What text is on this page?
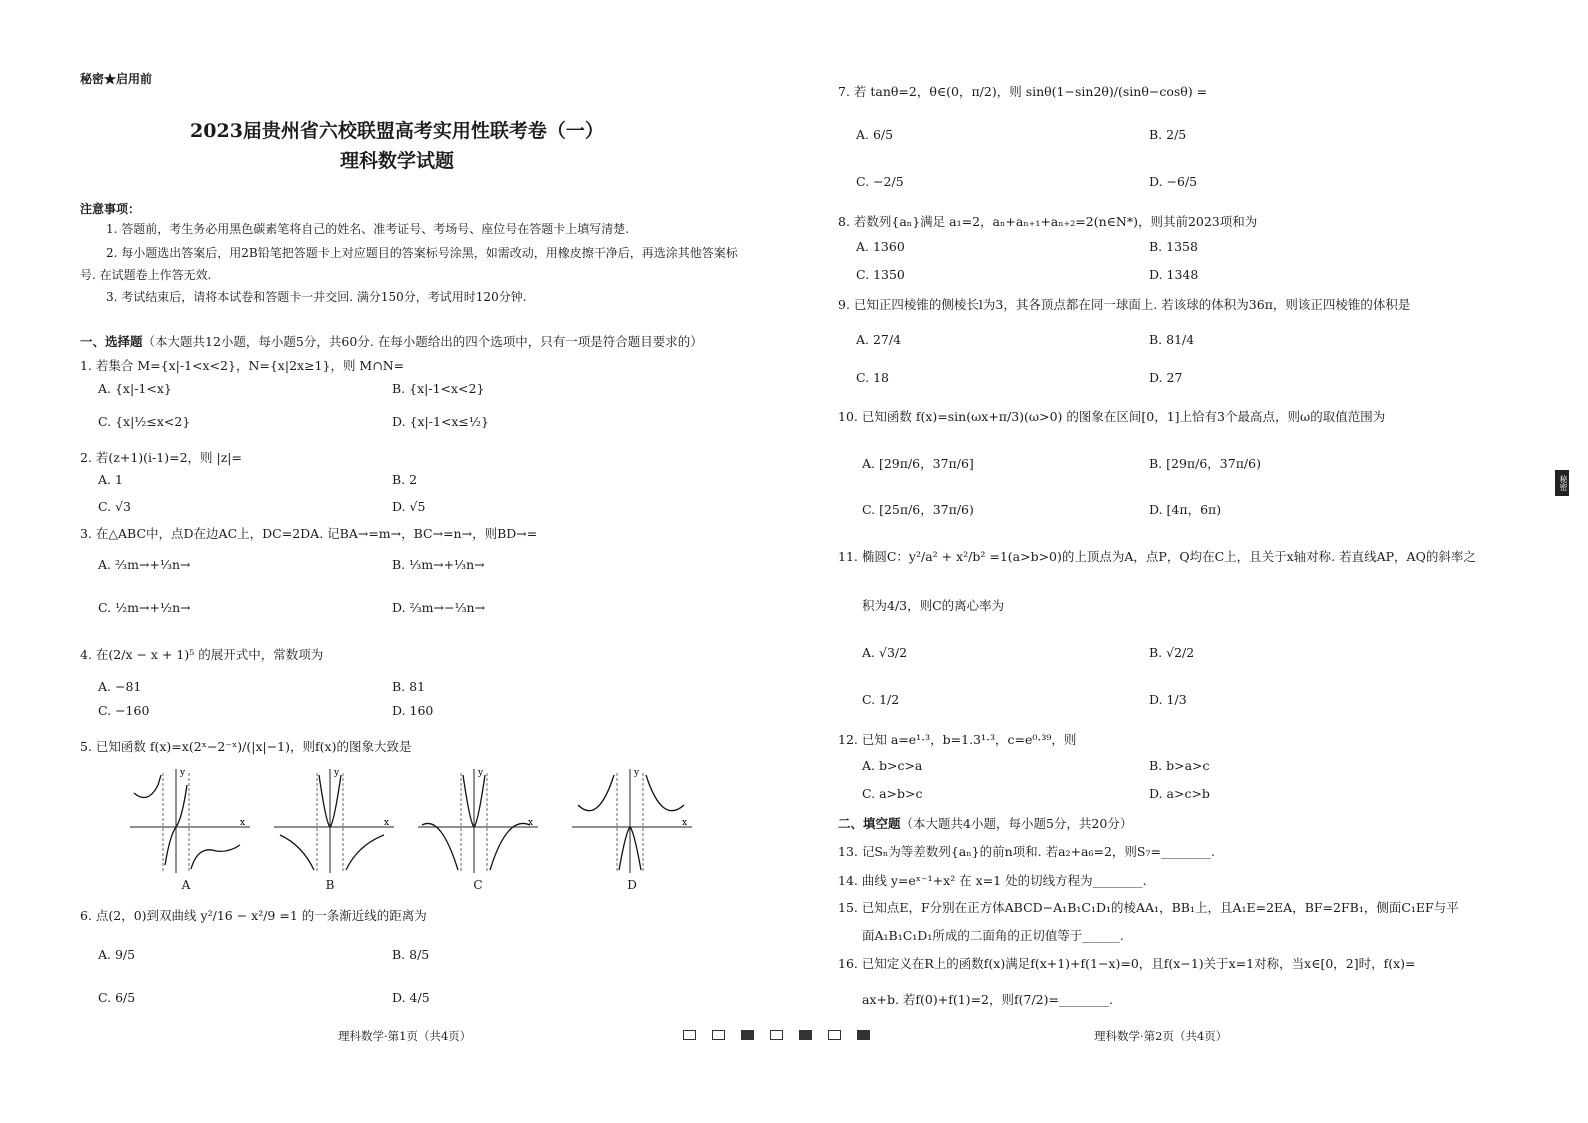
秘密★启用前
2023届贵州省六校联盟高考实用性联考卷（一）
理科数学试题
注意事项：
1. 答题前，考生务必用黑色碳素笔将自己的姓名、准考证号、考场号、座位号在答题卡上填写清楚.
2. 每小题选出答案后，用2B铅笔把答题卡上对应题目的答案标号涂黑，如需改动，用橡皮擦干净后，再选涂其他答案标号. 在试题卷上作答无效.
3. 考试结束后，请将本试卷和答题卡一并交回. 满分150分，考试用时120分钟.
一、选择题（本大题共12小题，每小题5分，共60分. 在每小题给出的四个选项中，只有一项是符合题目要求的）
1. 若集合 M={x|-1<x<2}，N={x|2x≥1}，则 M∩N=
A. {x|-1<x}	B. {x|-1<x<2}
C. {x|½≤x<2}	D. {x|-1<x≤½}
2. 若(z+1)(i-1)=2，则 |z|=
A. 1	B. 2
C. √3	D. √5
3. 在△ABC中，点D在边AC上，DC=2DA. 记BA→=m→，BC→=n→，则BD→=
A. ⅔m→+⅓n→	B. ⅓m→+⅓n→
C. ½m→+½n→	D. ⅔m→−⅓n→
4. 在(2/x − x + 1)⁵ 的展开式中，常数项为
A. −81	B. 81
C. −160	D. 160
5. 已知函数 f(x)=x(2ˣ−2⁻ˣ)/(|x|−1)，则f(x)的图象大致是
y
x
A
y
x
B
y
x
C
y
x
D
6. 点(2，0)到双曲线 y²/16 − x²/9 =1 的一条渐近线的距离为
A. 9/5	B. 8/5
C. 6/5	D. 4/5
理科数学·第1页（共4页）
7. 若 tanθ=2，θ∈(0，π/2)，则 sinθ(1−sin2θ)/(sinθ−cosθ) =
A. 6/5	B. 2/5
C. −2/5	D. −6/5
8. 若数列{aₙ}满足 a₁=2，aₙ+aₙ₊₁+aₙ₊₂=2(n∈N*)，则其前2023项和为
A. 1360	B. 1358
C. 1350	D. 1348
9. 已知正四棱锥的侧棱长l为3，其各顶点都在同一球面上. 若该球的体积为36π，则该正四棱锥的体积是
A. 27/4	B. 81/4
C. 18	D. 27
10. 已知函数 f(x)=sin(ωx+π/3)(ω>0) 的图象在区间[0，1]上恰有3个最高点，则ω的取值范围为
A. [29π/6，37π/6]	B. [29π/6，37π/6)
C. [25π/6，37π/6)	D. [4π，6π)
11. 椭圆C：y²/a² + x²/b² =1(a>b>0)的上顶点为A，点P，Q均在C上，且关于x轴对称. 若直线AP，AQ的斜率之
积为4/3，则C的离心率为
A. √3/2	B. √2/2
C. 1/2	D. 1/3
12. 已知 a=e¹·³，b=1.3¹·³，c=e⁰·³⁹，则
A. b>c>a	B. b>a>c
C. a>b>c	D. a>c>b
二、填空题（本大题共4小题，每小题5分，共20分）
13. 记Sₙ为等差数列{aₙ}的前n项和. 若a₂+a₆=2，则S₇=________.
14. 曲线 y=eˣ⁻¹+x² 在 x=1 处的切线方程为________.
15. 已知点E，F分别在正方体ABCD−A₁B₁C₁D₁的棱AA₁，BB₁上，且A₁E=2EA，BF=2FB₁，侧面C₁EF与平
面A₁B₁C₁D₁所成的二面角的正切值等于______.
16. 已知定义在R上的函数f(x)满足f(x+1)+f(1−x)=0，且f(x−1)关于x=1对称，当x∈[0，2]时，f(x)=
ax+b. 若f(0)+f(1)=2，则f(7/2)=________.
理科数学·第2页（共4页）
秘密
